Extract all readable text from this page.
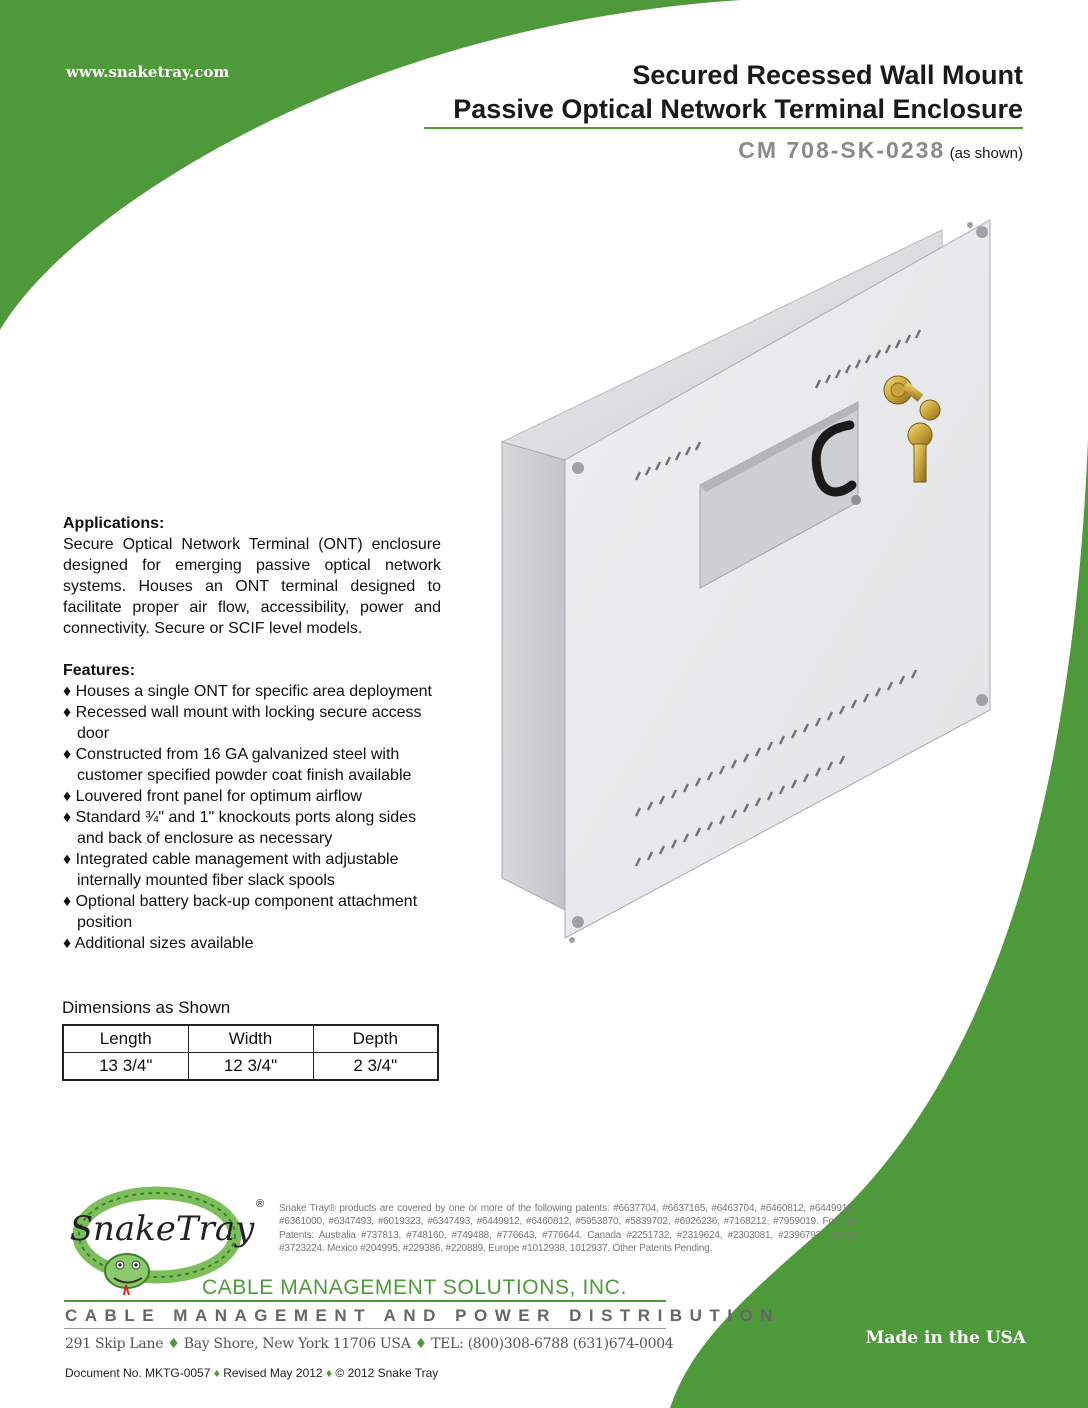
www.snaketray.com	Secured Recessed Wall Mount
Passive Optical Network Terminal Enclosure
CM 708-SK-0238 (as shown)
Applications:
Secure Optical Network Terminal (ONT) enclosure designed for emerging passive optical network systems. Houses an ONT terminal designed to facilitate proper air flow, accessibility, power and connectivity. Secure or SCIF level models.
Features:
♦ Houses a single ONT for specific area deployment
♦ Recessed wall mount with locking secure access door
♦ Constructed from 16 GA galvanized steel with customer specified powder coat finish available
♦ Louvered front panel for optimum airflow
♦ Standard ¾" and 1" knockouts ports along sides and back of enclosure as necessary
♦ Integrated cable management with adjustable internally mounted fiber slack spools
♦ Optional battery back-up component attachment position
♦ Additional sizes available
Dimensions as Shown
Length	Width	Depth
13 3/4"	12 3/4"	2 3/4"
SnakeTray
® Snake Tray® products are covered by one or more of the following patents: #6637704, #6637165, #6463704, #6460812, #6449912, #6361000, #6347493, #6019323, #6347493, #6449912, #6460812, #5953870, #5839702, #6926236, #7168212, #7959019. Foreign Patents: Australia #737813, #748160, #749488, #776643, #776644. Canada #2251732, #2319624, #2303081, #2396792. Japan #3723224. Mexico #204995, #229386, #220889. Europe #1012938, 1012937. Other Patents Pending.
CABLE MANAGEMENT SOLUTIONS, INC.
CABLE MANAGEMENT AND POWER DISTRIBUTION
291 Skip Lane ♦ Bay Shore, New York 11706 USA ♦ TEL: (800)308-6788 (631)674-0004	Made in the USA
Document No. MKTG-0057 ♦ Revised May 2012 ♦ © 2012 Snake Tray
